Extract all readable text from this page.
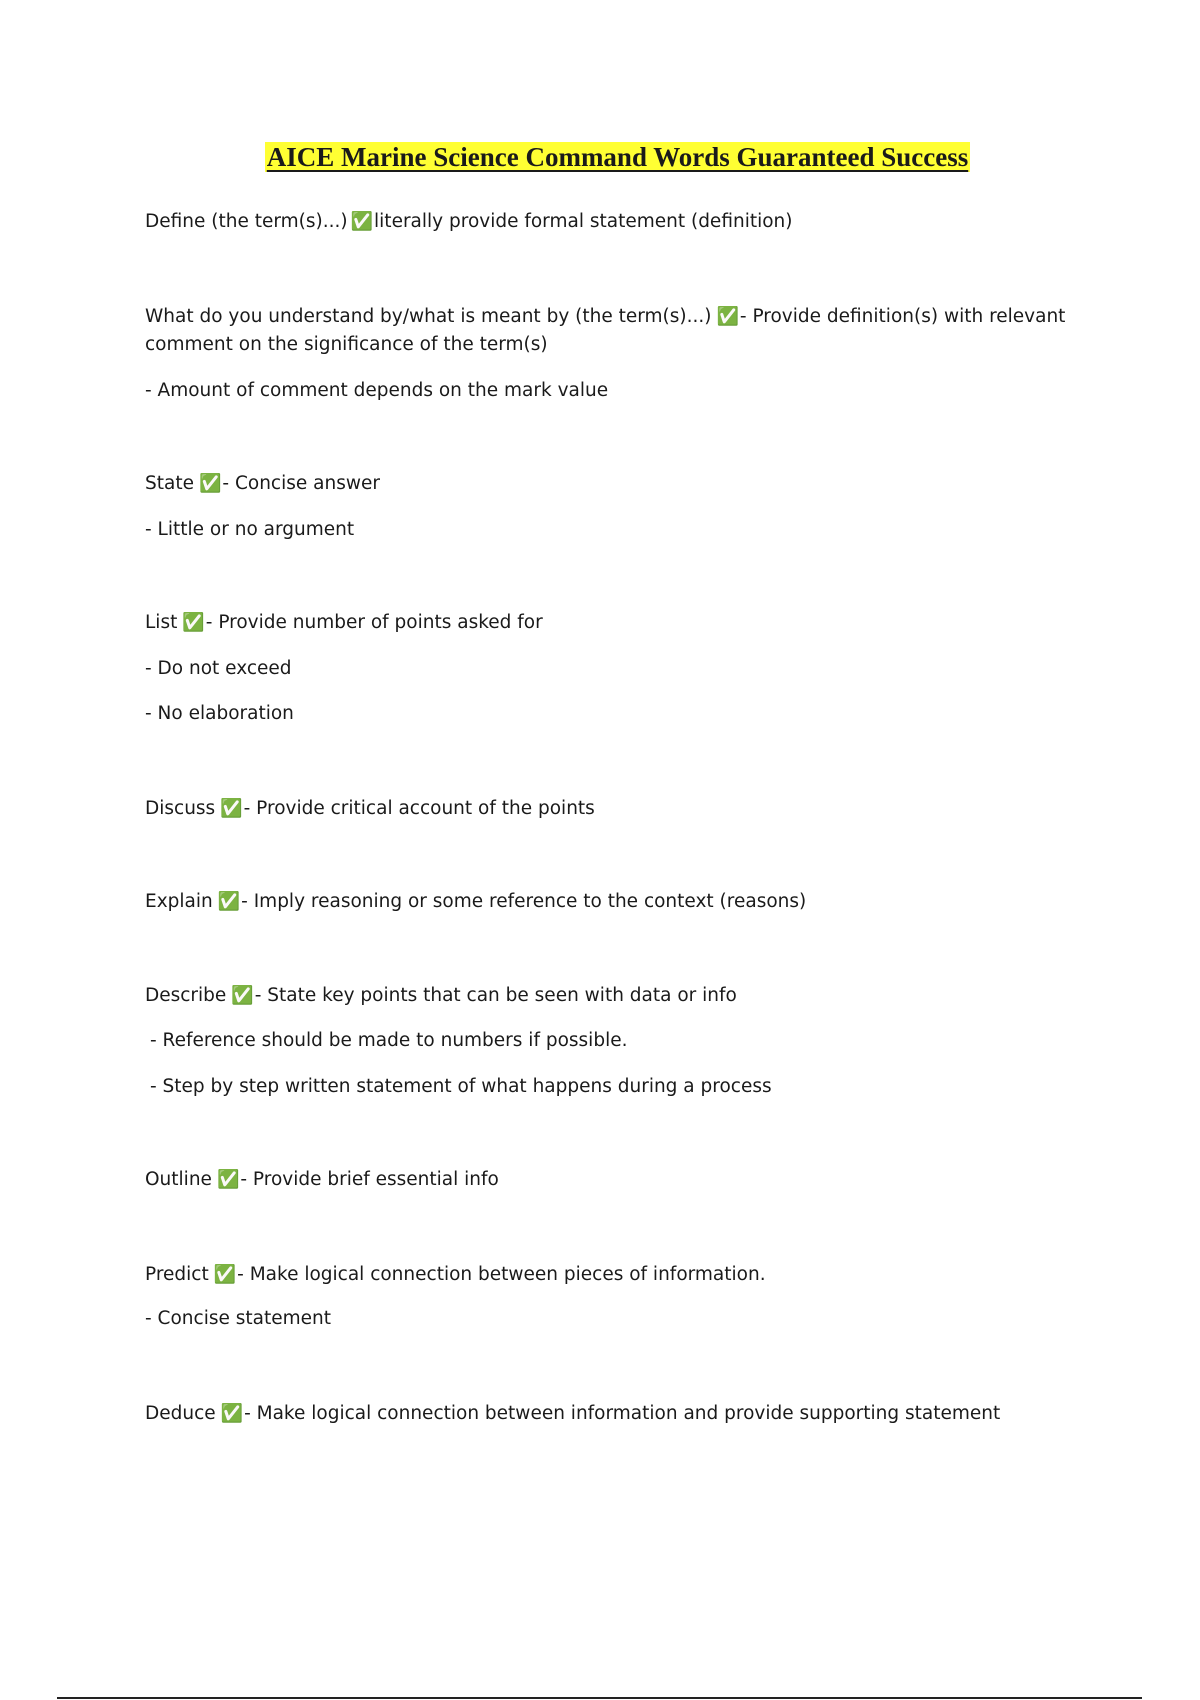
AICE Marine Science Command Words Guaranteed Success
Define (the term(s)...) ✅literally provide formal statement (definition)
What do you understand by/what is meant by (the term(s)...) ✅- Provide definition(s) with relevant
comment on the significance of the term(s)
- Amount of comment depends on the mark value
State ✅- Concise answer
- Little or no argument
List ✅- Provide number of points asked for
- Do not exceed
- No elaboration
Discuss ✅- Provide critical account of the points
Explain ✅- Imply reasoning or some reference to the context (reasons)
Describe ✅- State key points that can be seen with data or info
- Reference should be made to numbers if possible.
- Step by step written statement of what happens during a process
Outline ✅- Provide brief essential info
Predict ✅- Make logical connection between pieces of information.
- Concise statement
Deduce ✅- Make logical connection between information and provide supporting statement
